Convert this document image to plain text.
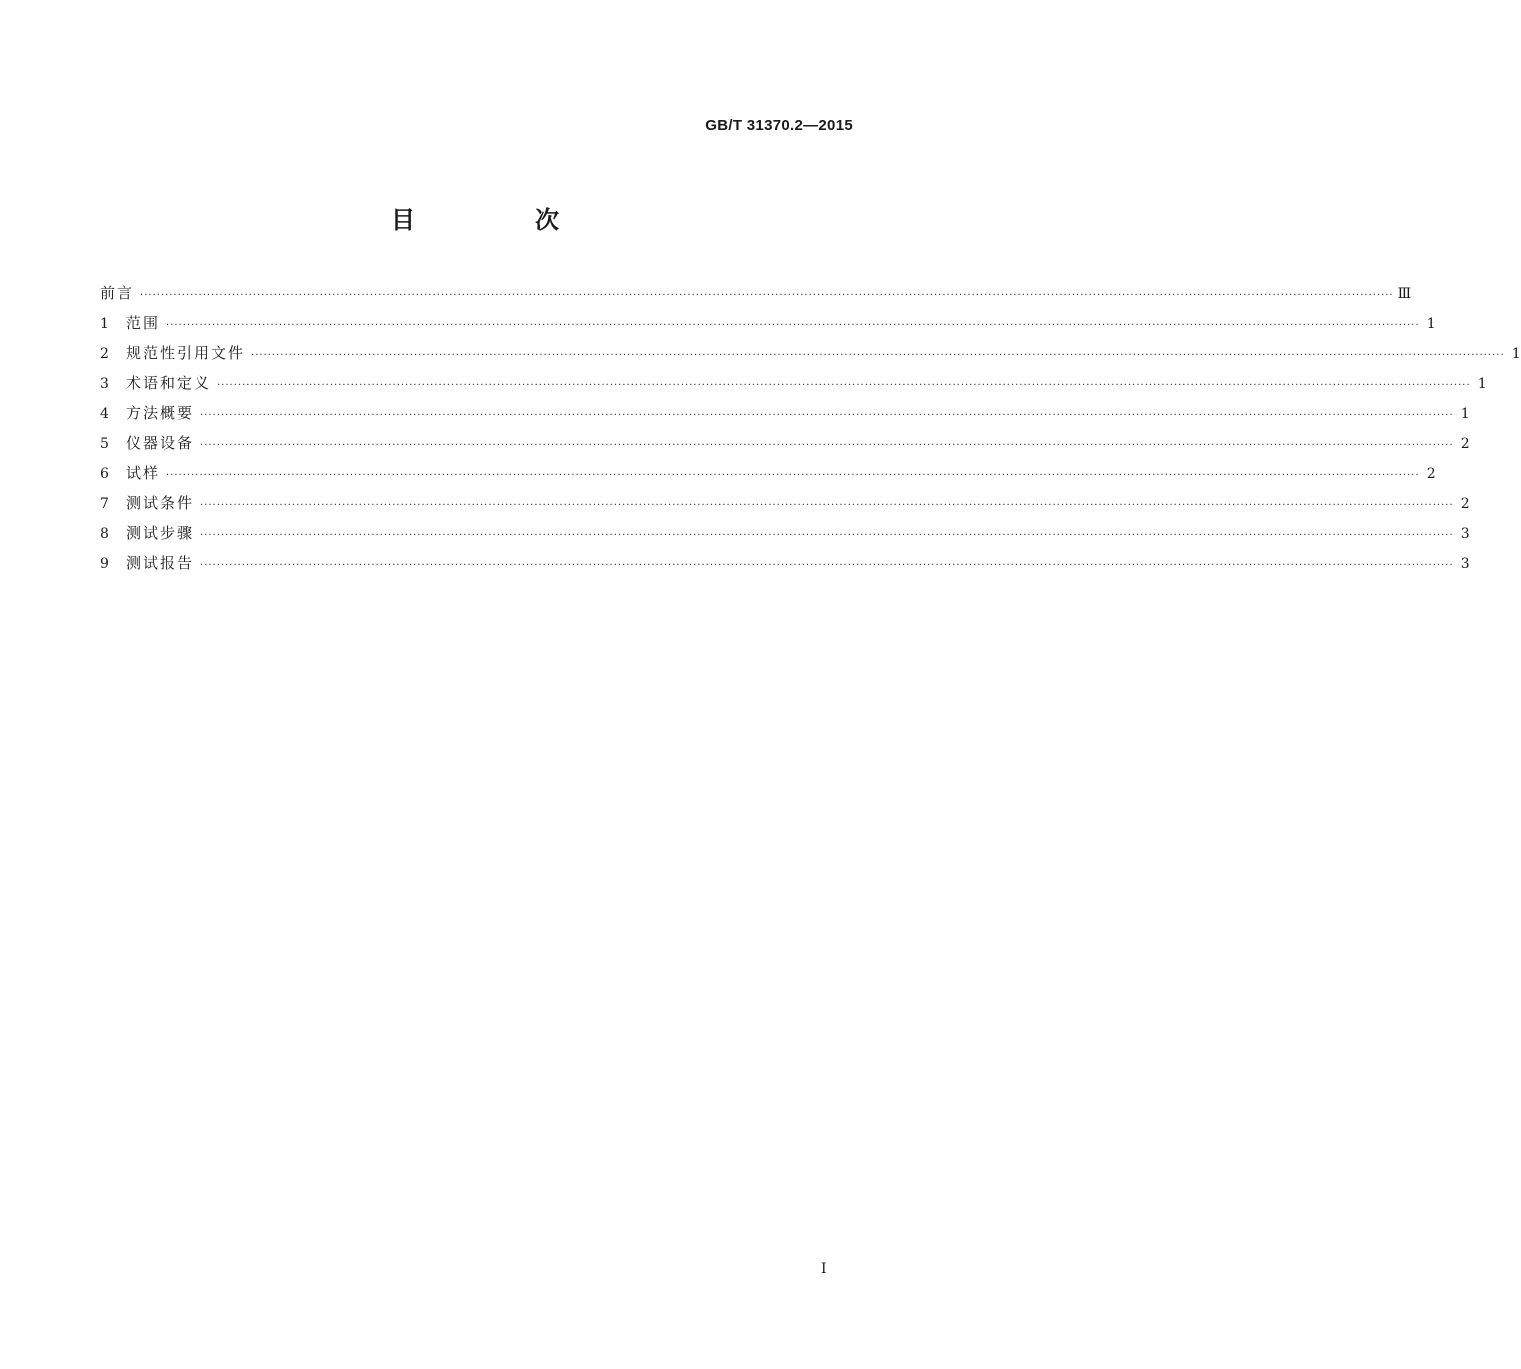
GB/T 31370.2—2015
目　次
前言 ············································································································································································································································································································ Ⅲ
1	范围 ············································································································································································································································································································ 1
2	规范性引用文件 ············································································································································································································································································································ 1
3	术语和定义 ············································································································································································································································································································ 1
4	方法概要 ············································································································································································································································································································ 1
5	仪器设备 ············································································································································································································································································································ 2
6	试样 ············································································································································································································································································································ 2
7	测试条件 ············································································································································································································································································································ 2
8	测试步骤 ············································································································································································································································································································ 3
9	测试报告 ············································································································································································································································································································ 3
I
